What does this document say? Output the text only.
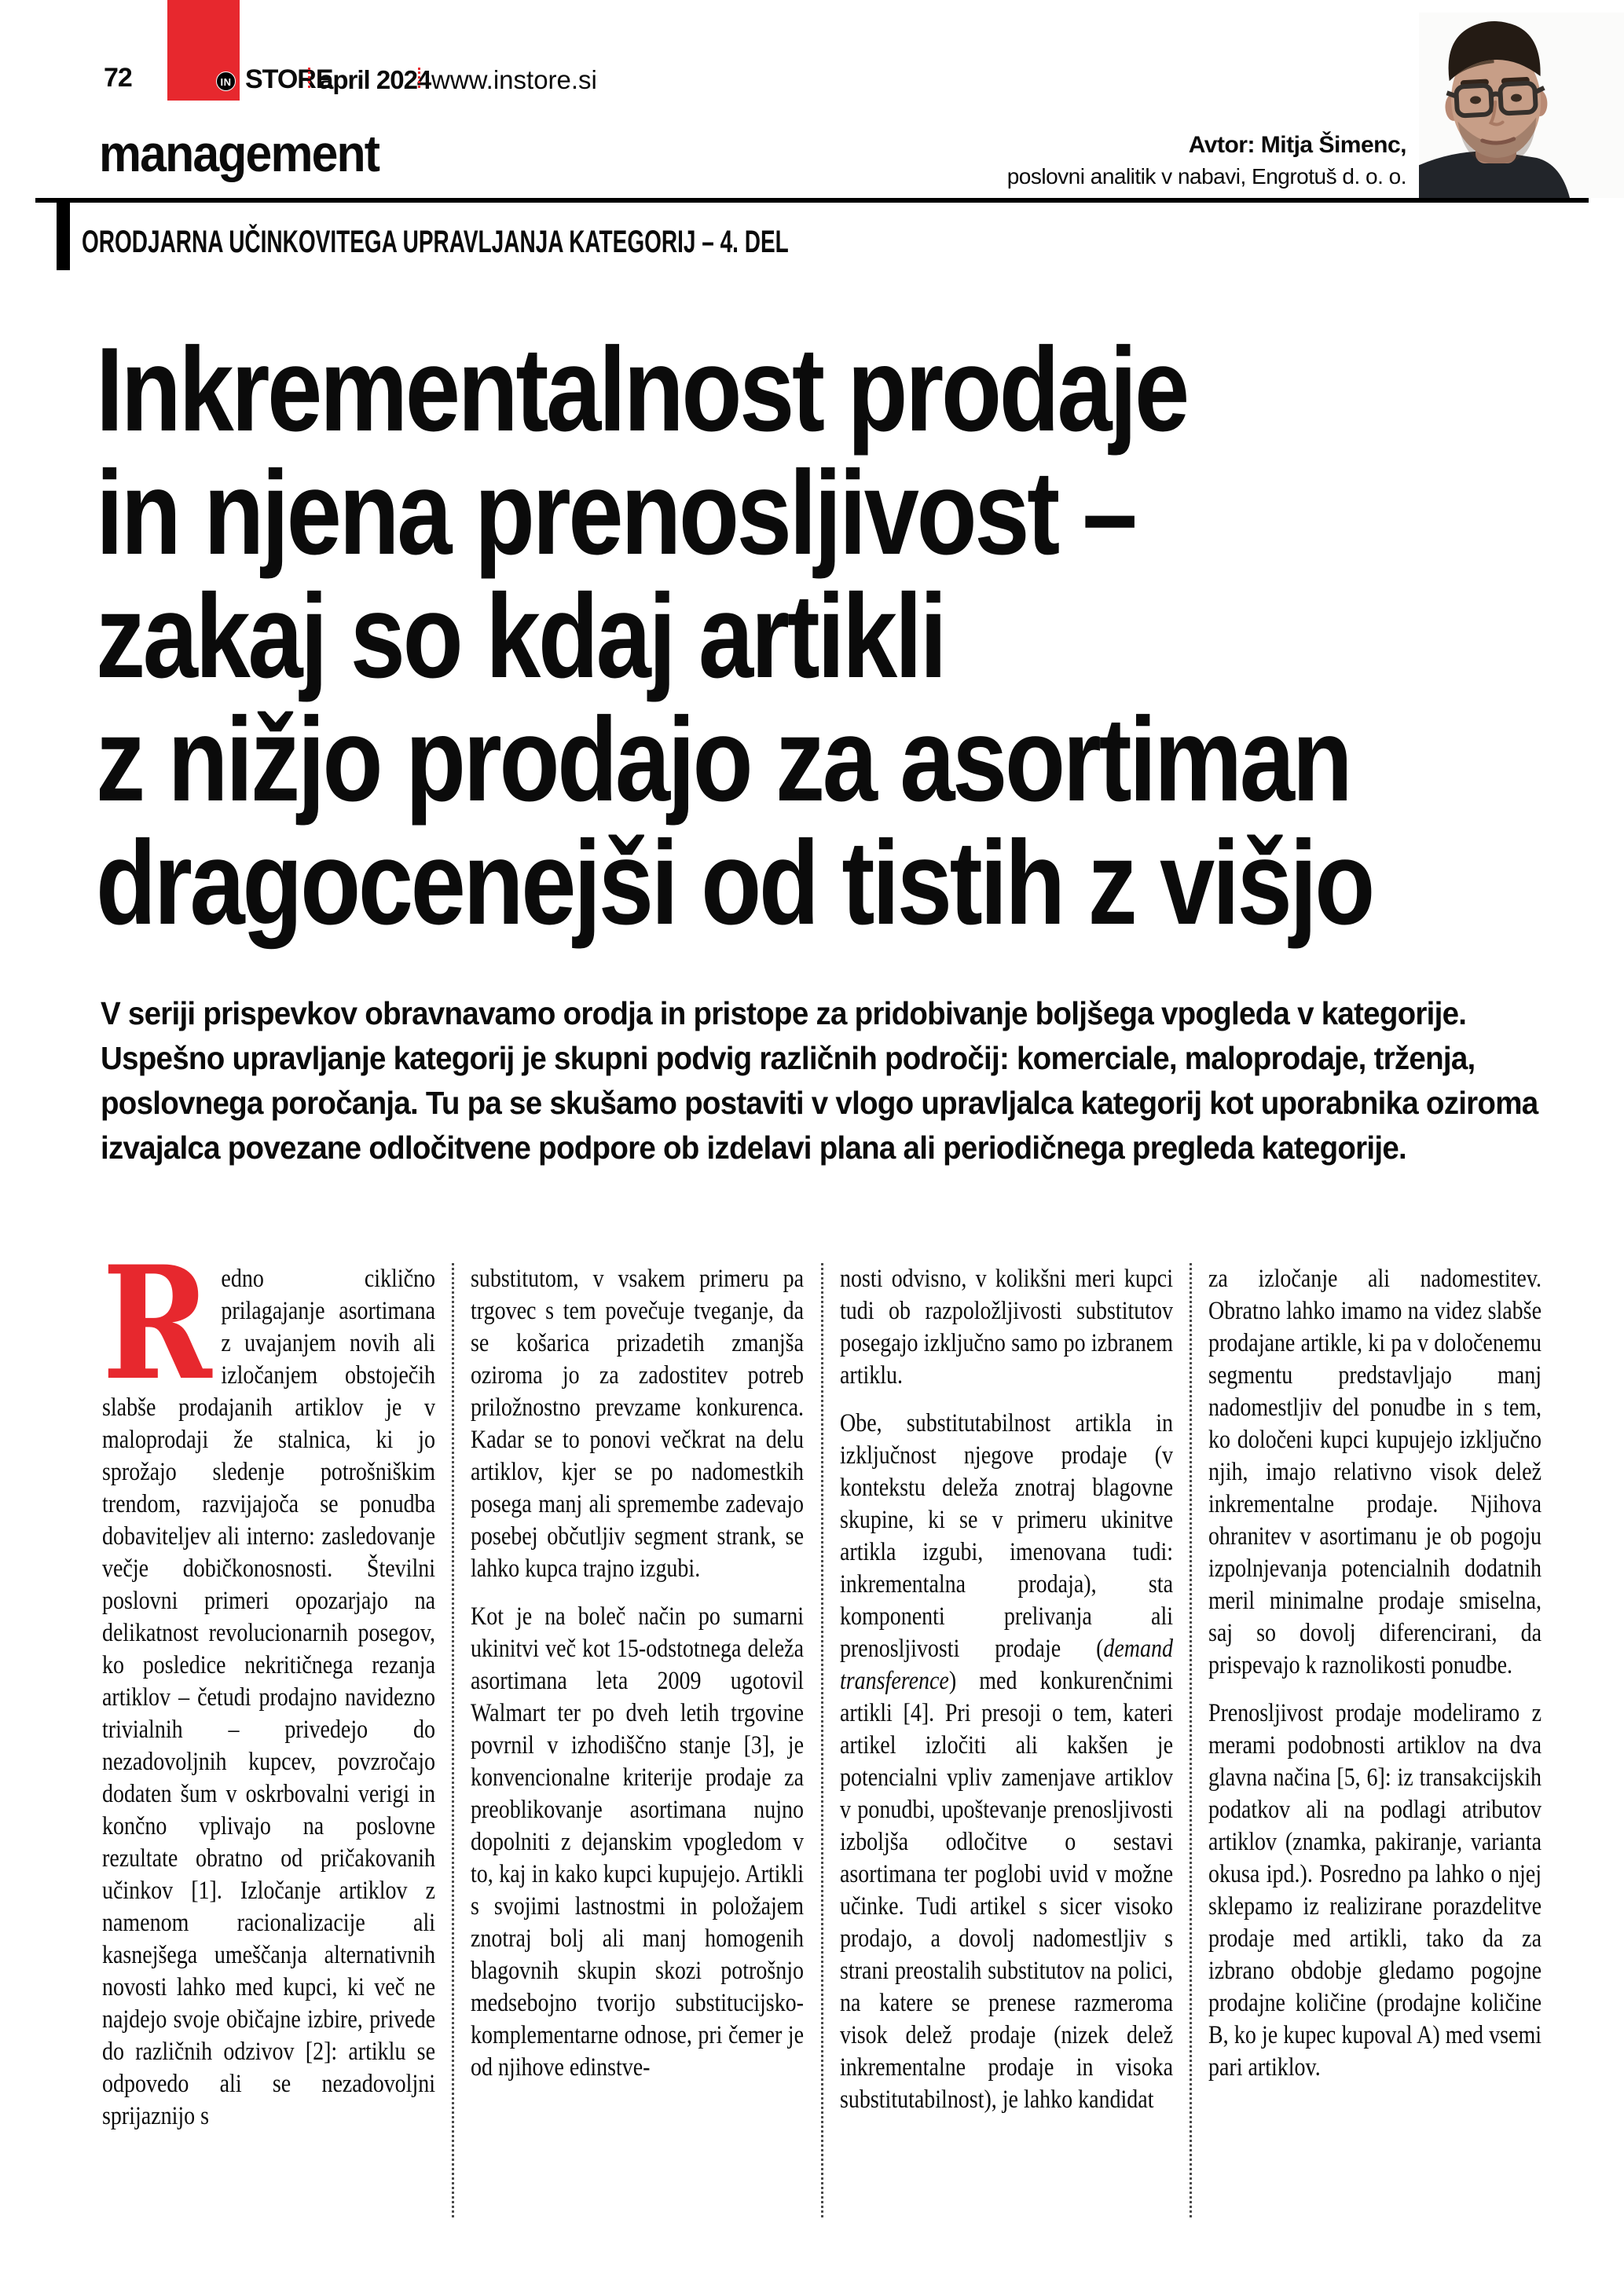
72	IN STORE
april 2024 www.instore.si
management	Avtor: Mitja Šimenc,
poslovni analitik v nabavi, Engrotuš d. o. o.
ORODJARNA UČINKOVITEGA UPRAVLJANJA KATEGORIJ – 4. DEL
Inkrementalnost prodaje
in njena prenosljivost –
zakaj so kdaj artikli
z nižjo prodajo za asortiman
dragocenejši od tistih z višjo
V seriji prispevkov obravnavamo orodja in pristope za pridobivanje boljšega vpogleda v kategorije. Uspešno upravljanje kategorij je skupni podvig različnih področij: komerciale, maloprodaje, trženja, poslovnega poročanja. Tu pa se skušamo postaviti v vlogo upravljalca kategorij kot uporabnika oziroma izvajalca povezane odločitvene podpore ob izdelavi plana ali periodičnega pregleda kategorije.

Redno ciklično prilagajanje asortimana z uvajanjem novih ali izločanjem obstoječih slabše prodajanih artiklov je v maloprodaji že stalnica, ki jo sprožajo sledenje potrošniškim trendom, razvijajoča se ponudba dobaviteljev ali interno: zasledovanje večje dobičkonosnosti. Številni poslovni primeri opozarjajo na delikatnost revolucionarnih posegov, ko posledice nekritičnega rezanja artiklov – četudi prodajno navidezno trivialnih – privedejo do nezadovoljnih kupcev, povzročajo dodaten šum v oskrbovalni verigi in končno vplivajo na poslovne rezultate obratno od pričakovanih učinkov [1]. Izločanje artiklov z namenom racionalizacije ali kasnejšega umeščanja alternativnih novosti lahko med kupci, ki več ne najdejo svoje običajne izbire, privede do različnih odzivov [2]: artiklu se odpovedo ali se nezadovoljni sprijaznijo s

substitutom, v vsakem primeru pa trgovec s tem povečuje tveganje, da se košarica prizadetih zmanjša oziroma jo za zadostitev potreb priložnostno prevzame konkurenca. Kadar se to ponovi večkrat na delu artiklov, kjer se po nadomestkih posega manj ali spremembe zadevajo posebej občutljiv segment strank, se lahko kupca trajno izgubi.

Kot je na boleč način po sumarni ukinitvi več kot 15-odstotnega deleža asortimana leta 2009 ugotovil Walmart ter po dveh letih trgovine povrnil v izhodiščno stanje [3], je konvencionalne kriterije prodaje za preoblikovanje asortimana nujno dopolniti z dejanskim vpogledom v to, kaj in kako kupci kupujejo. Artikli s svojimi lastnostmi in položajem znotraj bolj ali manj homogenih blagovnih skupin skozi potrošnjo medsebojno tvorijo substitucijsko-komplementarne odnose, pri čemer je od njihove edinstve-

nosti odvisno, v kolikšni meri kupci tudi ob razpoložljivosti substitutov posegajo izključno samo po izbranem artiklu.

Obe, substitutabilnost artikla in izključnost njegove prodaje (v kontekstu deleža znotraj blagovne skupine, ki se v primeru ukinitve artikla izgubi, imenovana tudi: inkrementalna prodaja), sta komponenti prelivanja ali prenosljivosti prodaje (demand transference) med konkurenčnimi artikli [4]. Pri presoji o tem, kateri artikel izločiti ali kakšen je potencialni vpliv zamenjave artiklov v ponudbi, upoštevanje prenosljivosti izboljša odločitve o sestavi asortimana ter poglobi uvid v možne učinke. Tudi artikel s sicer visoko prodajo, a dovolj nadomestljiv s strani preostalih substitutov na polici, na katere se prenese razmeroma visok delež prodaje (nizek delež inkrementalne prodaje in visoka substitutabilnost), je lahko kandidat

za izločanje ali nadomestitev. Obratno lahko imamo na videz slabše prodajane artikle, ki pa v določenemu segmentu predstavljajo manj nadomestljiv del ponudbe in s tem, ko določeni kupci kupujejo izključno njih, imajo relativno visok delež inkrementalne prodaje. Njihova ohranitev v asortimanu je ob pogoju izpolnjevanja potencialnih dodatnih meril minimalne prodaje smiselna, saj so dovolj diferencirani, da prispevajo k raznolikosti ponudbe.

Prenosljivost prodaje modeliramo z merami podobnosti artiklov na dva glavna načina [5, 6]: iz transakcijskih podatkov ali na podlagi atributov artiklov (znamka, pakiranje, varianta okusa ipd.). Posredno pa lahko o njej sklepamo iz realizirane porazdelitve prodaje med artikli, tako da za izbrano obdobje gledamo pogojne prodajne količine (prodajne količine B, ko je kupec kupoval A) med vsemi pari artiklov.
